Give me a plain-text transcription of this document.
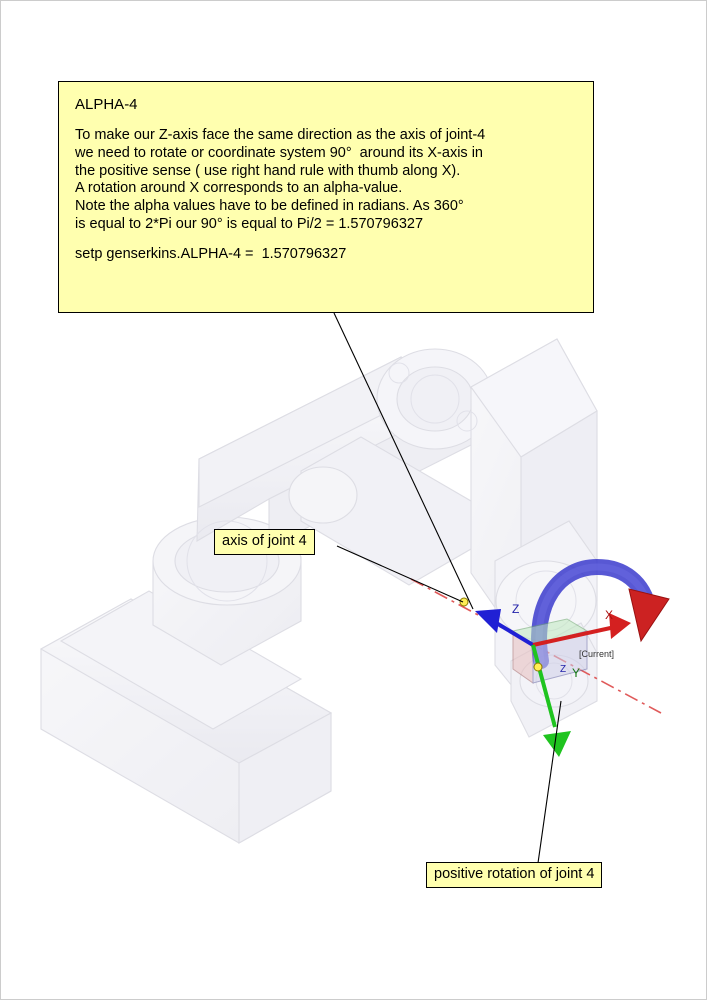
Z	X
Y
Z
[Current]
ALPHA-4
To make our Z-axis face the same direction as the axis of joint-4
we need to rotate or coordinate system 90°  around its X-axis in
the positive sense ( use right hand rule with thumb along X).
A rotation around X corresponds to an alpha-value.
Note the alpha values have to be defined in radians. As 360°
is equal to 2*Pi our 90° is equal to Pi/2 = 1.570796327
setp genserkins.ALPHA-4 =  1.570796327
axis of joint 4
positive rotation of joint 4
